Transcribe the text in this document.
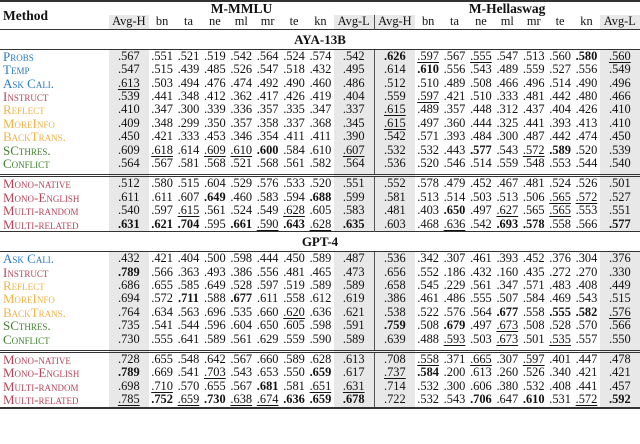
Method	M-MMLU									M-Hellaswag								
	Avg-H	bn	ta	ne	ml	mr	te	kn	Avg-L	Avg-H	bn	ta	ne	ml	mr	te	kn	Avg-L
AYA-13B																		
Probs	.567	.551	.521	.519	.542	.564	.524	.574	.542	.626	.597	.567	.555	.547	.513	.560	.580	.560
Temp	.547	.515	.439	.485	.526	.547	.518	.432	.495	.614	.610	.556	.543	.489	.559	.527	.556	.549
Ask Cali.	.613	.503	.494	.476	.474	.492	.490	.460	.486	.512	.510	.489	.508	.466	.496	.514	.490	.496
Instruct	.539	.441	.348	.412	.362	.417	.426	.419	.404	.559	.597	.421	.510	.333	.481	.442	.480	.466
Reflect	.410	.347	.300	.339	.336	.357	.335	.347	.337	.615	.489	.357	.448	.312	.437	.404	.426	.410
MoreInfo	.409	.348	.299	.350	.357	.358	.337	.368	.345	.615	.497	.360	.444	.325	.441	.393	.413	.410
BackTrans.	.450	.421	.333	.453	.346	.354	.411	.411	.390	.542	.571	.393	.484	.300	.487	.442	.474	.450
SCthres.	.609	.618	.614	.609	.610	.600	.584	.610	.607	.532	.532	.443	.577	.543	.572	.589	.520	.539
Conflict	.564	.567	.581	.568	.521	.568	.561	.582	.564	.536	.520	.546	.514	.559	.548	.553	.544	.540

Mono-native	.512	.580	.515	.604	.529	.576	.533	.520	.551	.552	.578	.479	.452	.467	.481	.524	.526	.501
Mono-English	.611	.611	.607	.649	.460	.583	.594	.688	.599	.581	.513	.514	.503	.513	.506	.565	.572	.527
Multi-random	.540	.597	.615	.561	.524	.549	.628	.605	.583	.481	.403	.650	.497	.627	.565	.565	.553	.551
Multi-related	.631	.621	.704	.595	.661	.590	.643	.628	.635	.603	.468	.636	.542	.693	.578	.558	.566	.577
GPT-4																		
Ask Cali.	.432	.421	.404	.500	.598	.444	.450	.589	.487	.536	.342	.307	.461	.393	.452	.376	.304	.376
Instruct	.789	.566	.363	.493	.386	.556	.481	.465	.473	.656	.552	.186	.432	.160	.435	.272	.270	.330
Reflect	.686	.655	.585	.649	.528	.597	.519	.589	.589	.658	.545	.229	.561	.347	.571	.483	.408	.449
MoreInfo	.694	.572	.711	.588	.677	.611	.558	.612	.619	.386	.461	.486	.555	.507	.584	.469	.543	.515
BackTrans.	.764	.634	.563	.696	.535	.660	.620	.636	.621	.538	.522	.576	.564	.677	.558	.555	.582	.576
SCthres.	.735	.541	.544	.596	.604	.650	.605	.598	.591	.759	.508	.679	.497	.673	.508	.528	.570	.566
Conflict	.730	.555	.641	.589	.561	.629	.559	.590	.589	.639	.488	.593	.503	.673	.501	.535	.557	.550

Mono-native	.728	.655	.548	.642	.567	.660	.589	.628	.613	.708	.558	.371	.665	.307	.597	.401	.447	.478
Mono-English	.789	.669	.541	.703	.543	.653	.550	.659	.617	.737	.584	.200	.613	.260	.526	.340	.421	.421
Multi-random	.698	.710	.570	.655	.567	.681	.581	.651	.631	.714	.532	.300	.606	.380	.532	.408	.441	.457
Multi-related	.785	.752	.659	.730	.638	.674	.636	.659	.678	.722	.532	.543	.706	.647	.610	.531	.572	.592
